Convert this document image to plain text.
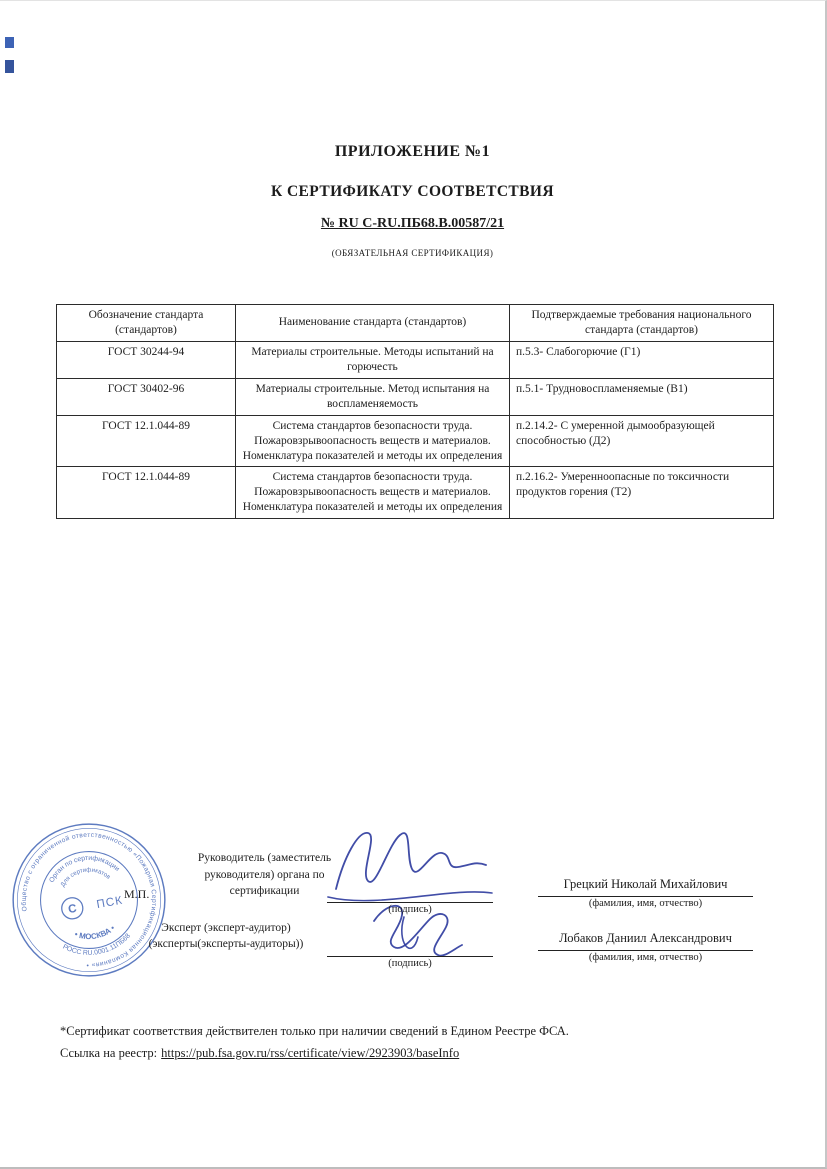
ПРИЛОЖЕНИЕ №1
К СЕРТИФИКАТУ СООТВЕТСТВИЯ
№ RU C-RU.ПБ68.В.00587/21
(ОБЯЗАТЕЛЬНАЯ СЕРТИФИКАЦИЯ)
Обозначение стандарта (стандартов)	Наименование стандарта (стандартов)	Подтверждаемые требования национального стандарта (стандартов)
ГОСТ 30244-94	Материалы строительные. Методы испытаний на горючесть	п.5.3- Слабогорючие (Г1)
ГОСТ 30402-96	Материалы строительные. Метод испытания на воспламеняемость	п.5.1- Трудновоспламеняемые (В1)
ГОСТ 12.1.044-89	Система стандартов безопасности труда. Пожаровзрывоопасность веществ и материалов. Номенклатура показателей и методы их определения	п.2.14.2- С умеренной дымообразующей способностью (Д2)
ГОСТ 12.1.044-89	Система стандартов безопасности труда. Пожаровзрывоопасность веществ и материалов. Номенклатура показателей и методы их определения	п.2.16.2- Умеренноопасные по токсичности продуктов горения (Т2)
Общество с ограниченной ответственностью «Пожарная Сертификационная Компания» •
Орган по сертификации
Для сертификатов
РОСС RU.0001.11ПБ68
• МОСКВА •
С ПСК
М.П.
Руководитель (заместитель руководителя) органа по сертификации
Эксперт (эксперт-аудитор) (эксперты(эксперты-аудиторы))
(подпись)
Грецкий Николай Михайлович
(фамилия, имя, отчество)
(подпись)
Лобаков Даниил Александрович
(фамилия, имя, отчество)
*Сертификат соответствия действителен только при наличии сведений в Едином Реестре ФСА.
Ссылка на реестр: https://pub.fsa.gov.ru/rss/certificate/view/2923903/baseInfo
